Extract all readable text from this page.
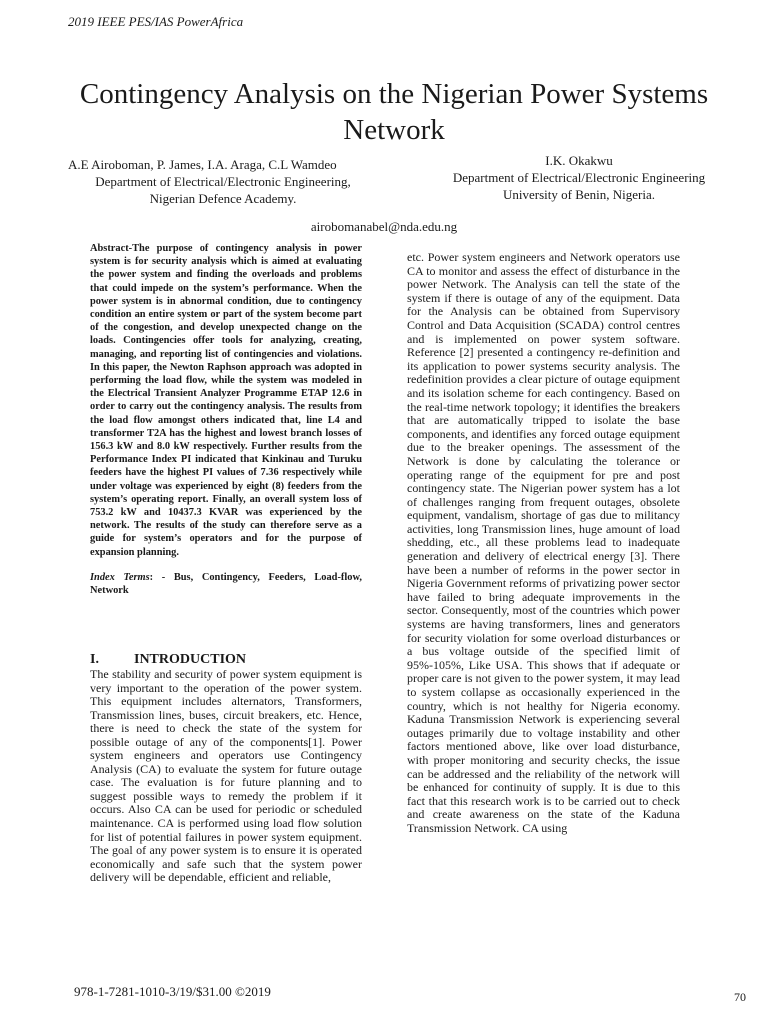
2019 IEEE PES/IAS PowerAfrica
Contingency Analysis on the Nigerian Power Systems Network
A.E Airoboman, P. James, I.A. Araga, C.L Wamdeo
Department of Electrical/Electronic Engineering,
Nigerian Defence Academy.
I.K. Okakwu
Department of Electrical/Electronic Engineering
University of Benin, Nigeria.
airobomanabel@nda.edu.ng

Abstract-The purpose of contingency analysis in power system is for security analysis which is aimed at evaluating the power system and finding the overloads and problems that could impede on the system’s performance. When the power system is in abnormal condition, due to contingency condition an entire system or part of the system become part of the congestion, and develop unexpected change on the loads. Contingencies offer tools for analyzing, creating, managing, and reporting list of contingencies and violations. In this paper, the Newton Raphson approach was adopted in performing the load flow, while the system was modeled in the Electrical Transient Analyzer Programme ETAP 12.6 in order to carry out the contingency analysis. The results from the load flow amongst others indicated that, line L4 and transformer T2A has the highest and lowest branch losses of 156.3 kW and 8.0 kW respectively. Further results from the Performance Index PI indicated that Kinkinau and Turuku feeders have the highest PI values of 7.36 respectively while under voltage was experienced by eight (8) feeders from the system’s operating report. Finally, an overall system loss of 753.2 kW and 10437.3 KVAR was experienced by the network. The results of the study can therefore serve as a guide for system’s operators and for the purpose of expansion planning.

Index Terms: - Bus, Contingency, Feeders, Load-flow, Network

I.	INTRODUCTION

The stability and security of power system equipment is very important to the operation of the power system. This equipment includes alternators, Transformers, Transmission lines, buses, circuit breakers, etc. Hence, there is need to check the state of the system for possible outage of any of the components[1]. Power system engineers and operators use Contingency Analysis (CA) to evaluate the system for future outage case. The evaluation is for future planning and to suggest possible ways to remedy the problem if it occurs. Also CA can be used for periodic or scheduled maintenance. CA is performed using load flow solution for list of potential failures in power system equipment. The goal of any power system is to ensure it is operated economically and safe such that the system power delivery will be dependable, efficient and reliable,

etc. Power system engineers and Network operators use CA to monitor and assess the effect of disturbance in the power Network. The Analysis can tell the state of the system if there is outage of any of the equipment. Data for the Analysis can be obtained from Supervisory Control and Data Acquisition (SCADA) control centres and is implemented on power system software. Reference [2] presented a contingency re-definition and its application to power systems security analysis. The redefinition provides a clear picture of outage equipment and its isolation scheme for each contingency. Based on the real-time network topology; it identifies the breakers that are automatically tripped to isolate the base components, and identifies any forced outage equipment due to the breaker openings. The assessment of the Network is done by calculating the tolerance or operating range of the equipment for pre and post contingency state. The Nigerian power system has a lot of challenges ranging from frequent outages, obsolete equipment, vandalism, shortage of gas due to militancy activities, long Transmission lines, huge amount of load shedding, etc., all these problems lead to inadequate generation and delivery of electrical energy [3]. There have been a number of reforms in the power sector in Nigeria Government reforms of privatizing power sector have failed to bring adequate improvements in the sector. Consequently, most of the countries which power systems are having transformers, lines and generators for security violation for some overload disturbances or a bus voltage outside of the specified limit of 95%-105%, Like USA. This shows that if adequate or proper care is not given to the power system, it may lead to system collapse as occasionally experienced in the country, which is not healthy for Nigeria economy. Kaduna Transmission Network is experiencing several outages primarily due to voltage instability and other factors mentioned above, like over load disturbance, with proper monitoring and security checks, the issue can be addressed and the reliability of the network will be enhanced for continuity of supply. It is due to this fact that this research work is to be carried out to check and create awareness on the state of the Kaduna Transmission Network. CA using

978-1-7281-1010-3/19/$31.00 ©2019	70
